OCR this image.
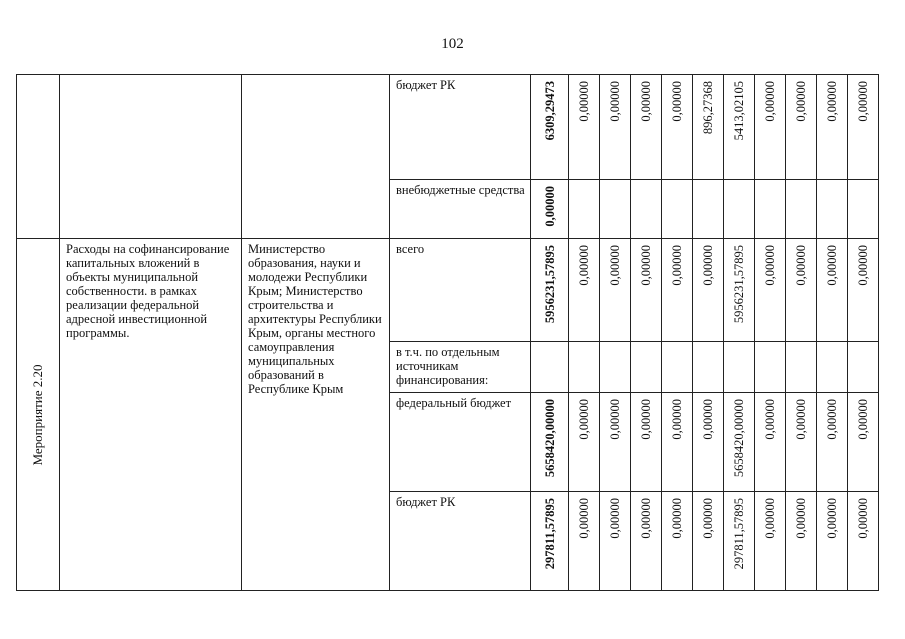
102

			бюджет РК	6309,29473	0,00000	0,00000	0,00000	0,00000	896,27368	5413,02105	0,00000	0,00000	0,00000	0,00000

			внебюджетные средства	0,00000										

Мероприятие 2.20	Расходы на софинансирование капитальных вложений в объекты муниципальной собственности. в рамках реализации федеральной адресной инвестиционной программы.	Министерство образования, науки и молодежи Республики Крым; Министерство строительства и архитектуры Республики Крым, органы местного самоуправления муниципальных образований в Республике Крым	всего	5956231,57895	0,00000	0,00000	0,00000	0,00000	0,00000	5956231,57895	0,00000	0,00000	0,00000	0,00000

			в т.ч. по отдельным источникам финансирования:											

			федеральный бюджет	5658420,00000	0,00000	0,00000	0,00000	0,00000	0,00000	5658420,00000	0,00000	0,00000	0,00000	0,00000

			бюджет РК	297811,57895	0,00000	0,00000	0,00000	0,00000	0,00000	297811,57895	0,00000	0,00000	0,00000	0,00000
